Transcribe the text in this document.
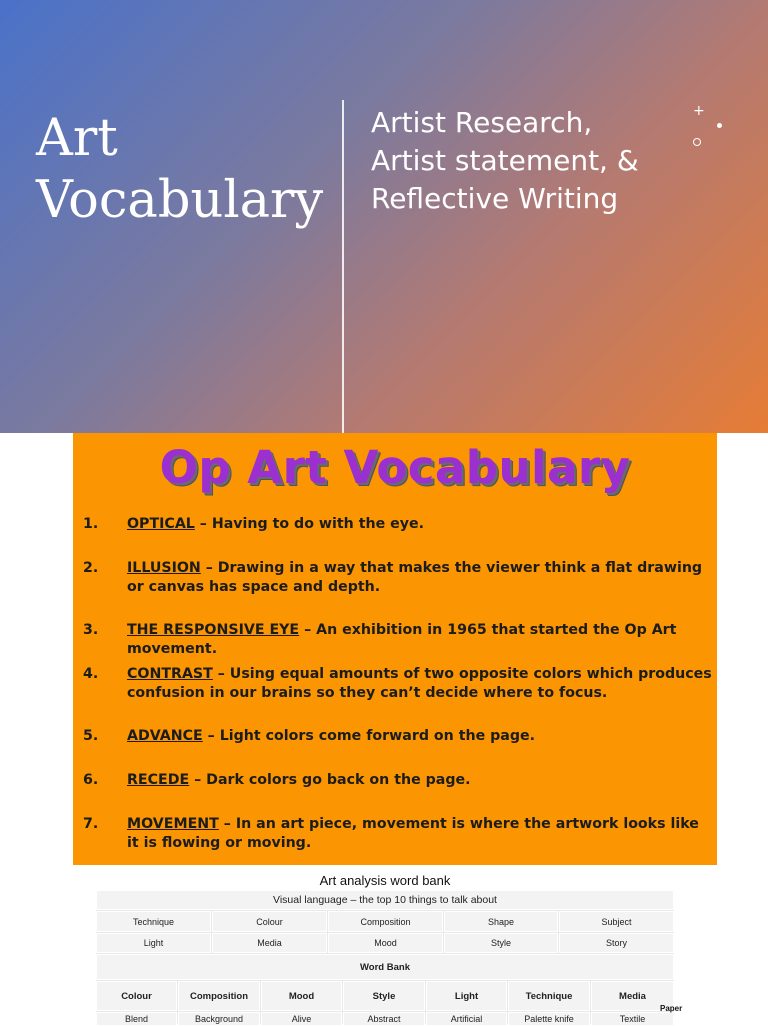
Art
Vocabulary
Artist Research,
Artist statement, &
Reflective Writing
+
Op Art Vocabulary
1.	OPTICAL – Having to do with the eye.
2.	ILLUSION – Drawing in a way that makes the viewer think a flat drawing or canvas has space and depth.
3.	THE RESPONSIVE EYE – An exhibition in 1965 that started the Op Art movement.
4.	CONTRAST – Using equal amounts of two opposite colors which produces confusion in our brains so they can’t decide where to focus.
5.	ADVANCE – Light colors come forward on the page.
6.	RECEDE – Dark colors go back on the page.
7.	MOVEMENT – In an art piece, movement is where the artwork looks like it is flowing or moving.
Art analysis word bank
Visual language – the top 10 things to talk about
Technique	Colour	Composition	Shape	Subject
Light	Media	Mood	Style	Story
Word Bank
Colour	Composition	Mood	Style	Light	Technique	Media
Blend	Background	Alive	Abstract	Artificial	Palette knife	Textile
Paper
